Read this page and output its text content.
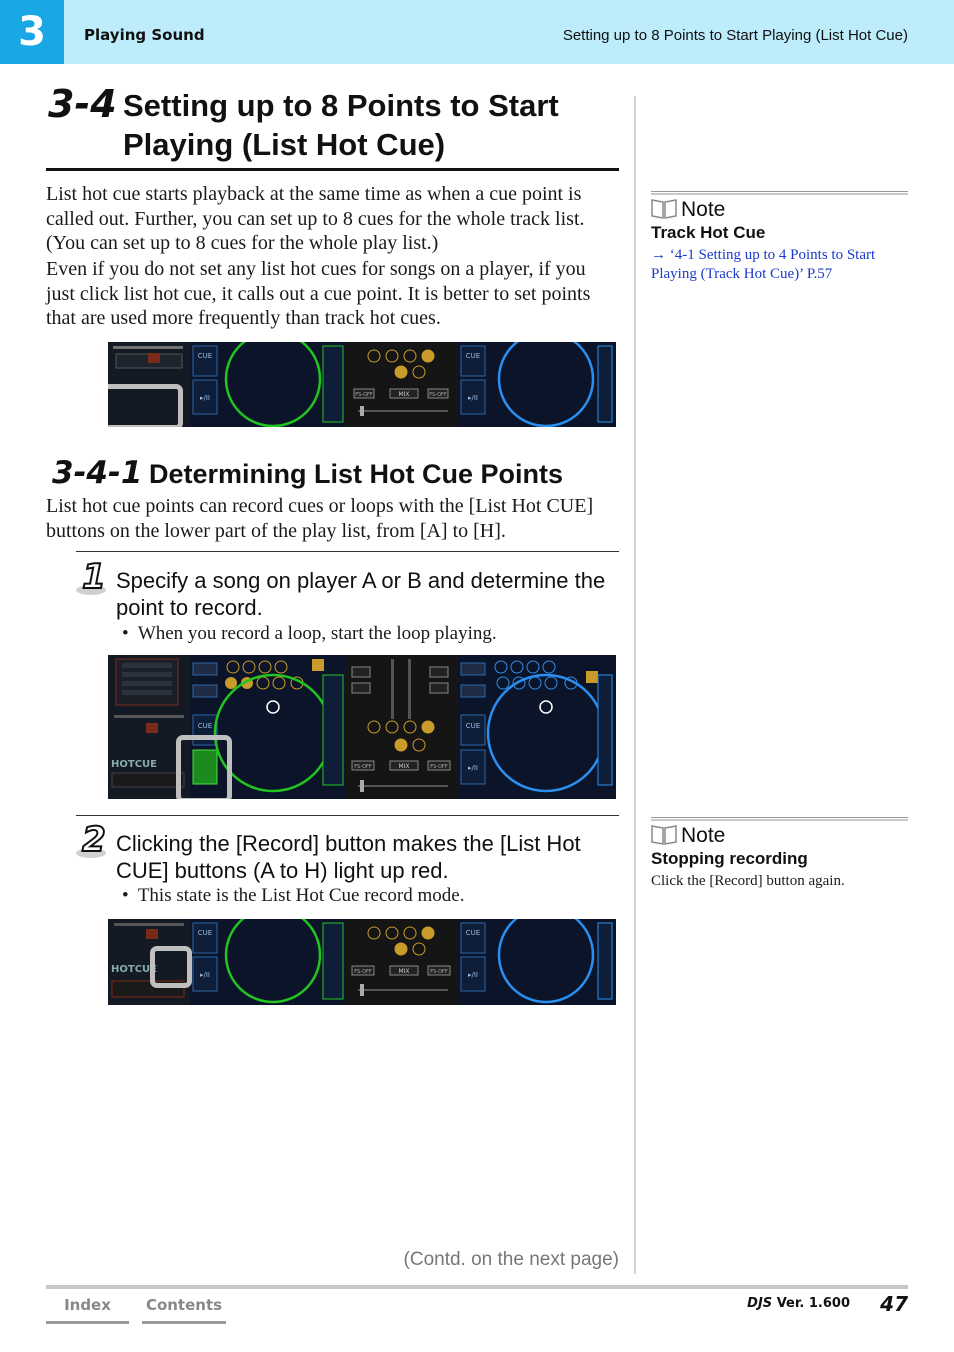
3	Playing Sound	Setting up to 8 Points to Start Playing (List Hot Cue)
3-4 Setting up to 8 Points to Start Playing (List Hot Cue)

List hot cue starts playback at the same time as when a cue point is called out. Further, you can set up to 8 cues for the whole track list. (You can set up to 8 cues for the whole play list.)

Even if you do not set any list hot cues for songs on a player, if you just click list hot cue, it calls out a cue point. It is better to set points that are used more frequently than track hot cues.

CUE
▸/II	FS-OFF	MIX	FS-OFF
CUE
▸/II
3-4-1 Determining List Hot Cue Points

List hot cue points can record cues or loops with the [List Hot CUE] buttons on the lower part of the play list, from [A] to [H].

1 Specify a song on player A or B and determine the point to record.
•  When you record a loop, start the loop playing.
HOTCUE
CUE
FS-OFF	MIX	FS-OFF
CUE
▸/II
2 Clicking the [Record] button makes the [List Hot CUE] buttons (A to H) light up red.
•  This state is the List Hot Cue record mode.
HOTCUE
CUE
▸/II	FS-OFF	MIX	FS-OFF
CUE
▸/II
Note
Track Hot Cue
→ ‘4-1 Setting up to 4 Points to Start Playing (Track Hot Cue)’ P.57
Note
Stopping recording
Click the [Record] button again.
(Contd. on the next page)
Index	Contents	DJS Ver. 1.600 47
